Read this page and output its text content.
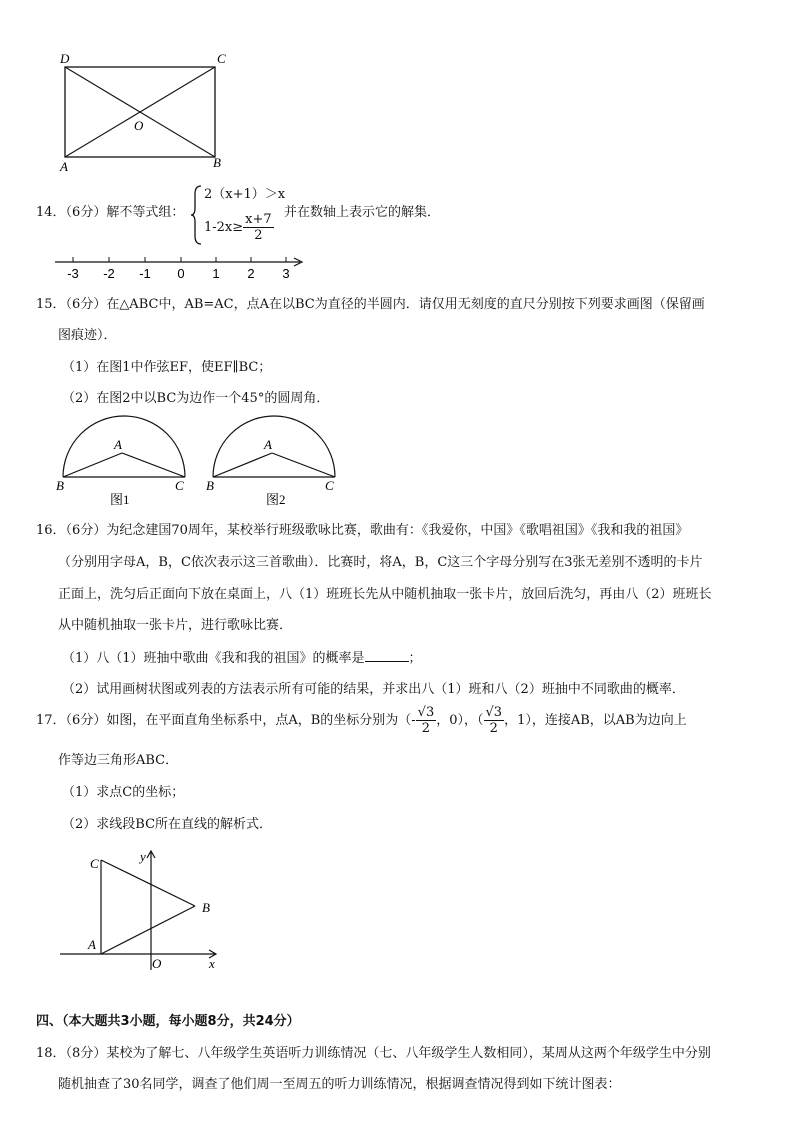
D	C
O
A	B
14．（6分）解不等式组：
2（x+1）＞x
$1-2x\ge \frac{x+7}{2}$ 并在数轴上表示它的解集．
-3 -2 -1 0 1 2 3
15．（6分）在△ABC中，AB=AC，点A在以BC为直径的半圆内．请仅用无刻度的直尺分别按下列要求画图（保留画
图痕迹）．
（1）在图1中作弦EF，使EF∥BC；
（2）在图2中以BC为边作一个45°的圆周角．
A
B	C
图1
A
B	C
图2
16．（6分）为纪念建国70周年，某校举行班级歌咏比赛，歌曲有：《我爱你，中国》《歌唱祖国》《我和我的祖国》
（分别用字母A，B，C依次表示这三首歌曲）．比赛时，将A，B，C这三个字母分别写在3张无差别不透明的卡片
正面上，洗匀后正面向下放在桌面上，八（1）班班长先从中随机抽取一张卡片，放回后洗匀，再由八（2）班班长
从中随机抽取一张卡片，进行歌咏比赛．
（1）八（1）班抽中歌曲《我和我的祖国》的概率是	；
（2）试用画树状图或列表的方法表示所有可能的结果，并求出八（1）班和八（2）班抽中不同歌曲的概率．
17．（6分）如图，在平面直角坐标系中，点A，B的坐标分别为（- $\frac{√3}{2}$ ，0），（ $\frac{√3}{2}$ ，1），连接AB，以AB为边向上
作等边三角形ABC．
（1）求点C的坐标；
（2）求线段BC所在直线的解析式．
C	y
B
A
O	x
四、（本大题共3小题，每小题8分，共24分）
18．（8分）某校为了解七、八年级学生英语听力训练情况（七、八年级学生人数相同），某周从这两个年级学生中分别
随机抽查了30名同学，调查了他们周一至周五的听力训练情况，根据调查情况得到如下统计图表：
